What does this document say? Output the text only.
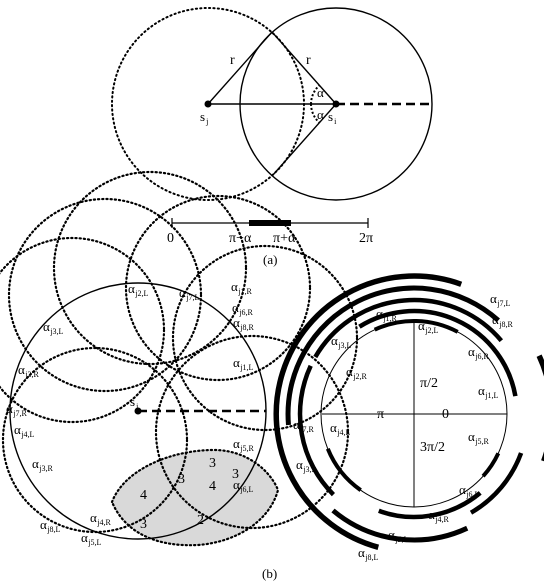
r	r
α
α
$s_j$	$s_i$
0	π−α π+α	2π
(a)
$s_i$
$\alpha_{j2,L}$	$\alpha_{j1,R}$
$\alpha_{j7,L}$
$\alpha_{j3,L}$
$\alpha_{j6,R}$
$\alpha_{j8,R}$
$\alpha_{j2,R}$
$\alpha_{j1,L}$
$\alpha_{j7,R}$
$\alpha_{j4,L}$
$\alpha_{j5,R}$
$\alpha_{j3,R}$
$\alpha_{j6,L}$
$\alpha_{j8,L}$
$\alpha_{j4,R}$
$\alpha_{j5,L}$
3
4
3
4
3
2
3
π/2
π	0
3π/2
$\alpha_{j7,L}$
$\alpha_{j1,R}$	$\alpha_{j8,R}$
$\alpha_{j2,L}$
$\alpha_{j3,L}$	$\alpha_{j6,R}$
$\alpha_{j2,R}$
$\alpha_{j1,L}$
$\alpha_{j7,R}$ $\alpha_{j4,L}$	$\alpha_{j5,R}$
$\alpha_{j3,R}$
$\alpha_{j6,L}$
$\alpha_{j4,R}$
$\alpha_{j5,L}$
$\alpha_{j8,L}$
(b)
